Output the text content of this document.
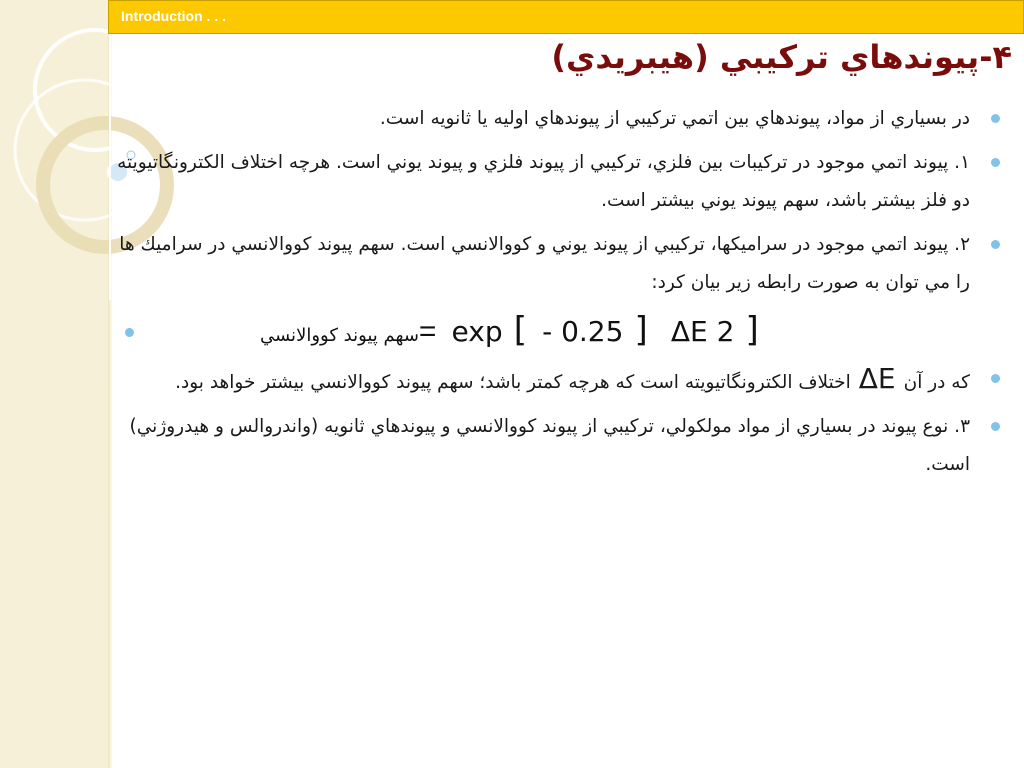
Introduction . . .
۴-پيوندهاي تركيبي (هيبريدي)
در بسياري از مواد، پيوندهاي بين اتمي تركيبي از پيوندهاي اوليه يا ثانويه است.
۱. پيوند اتمي موجود در تركيبات بين فلزي، تركيبي از پيوند فلزي و پيوند يوني است. هرچه اختلاف الكترونگاتيويته دو فلز بيشتر باشد، سهم پيوند يوني بيشتر است.
۲. پيوند اتمي موجود در سراميكها، تركيبي از پيوند يوني و كووالانسي است. سهم پيوند كووالانسي در سراميك ها را مي توان به صورت رابطه زير بيان كرد:
سهم پيوند كووالانسي= exp [ - 0.25 ] ΔE 2 ]
كه در آنΔEاختلاف الكترونگاتيويته است كه هرچه كمتر باشد؛ سهم پيوند كووالانسي بيشتر خواهد بود.
۳. نوع پيوند در بسياري از مواد مولكولي، تركيبي از پيوند كووالانسي و پيوندهاي ثانويه (واندروالس و هيدروژني) است.
